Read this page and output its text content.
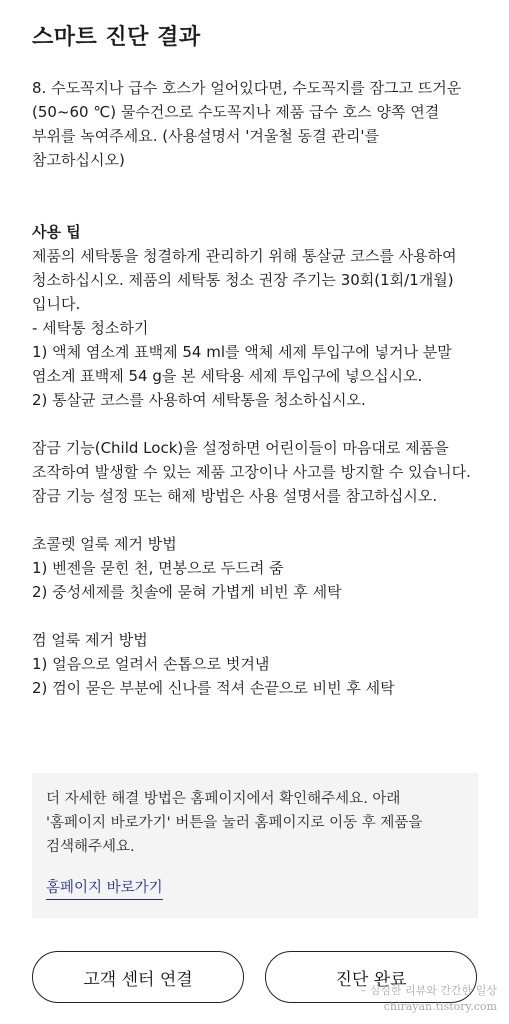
스마트 진단 결과

8. 수도꼭지나 급수 호스가 얼어있다면, 수도꼭지를 잠그고 뜨거운
(50~60 ℃) 물수건으로 수도꼭지나 제품 급수 호스 양쪽 연결
부위를 녹여주세요. (사용설명서 '겨울철 동결 관리'를
참고하십시오)

사용 팁

제품의 세탁통을 청결하게 관리하기 위해 통살균 코스를 사용하여
청소하십시오. 제품의 세탁통 청소 권장 주기는 30회(1회/1개월)
입니다.
- 세탁통 청소하기
1) 액체 염소계 표백제 54 ml를 액체 세제 투입구에 넣거나 분말
염소계 표백제 54 g을 본 세탁용 세제 투입구에 넣으십시오.
2) 통살균 코스를 사용하여 세탁통을 청소하십시오.

잠금 기능(Child Lock)을 설정하면 어린이들이 마음대로 제품을
조작하여 발생할 수 있는 제품 고장이나 사고를 방지할 수 있습니다.
잠금 기능 설정 또는 해제 방법은 사용 설명서를 참고하십시오.

초콜렛 얼룩 제거 방법
1) 벤젠을 묻힌 천, 면봉으로 두드려 줌
2) 중성세제를 칫솔에 묻혀 가볍게 비빈 후 세탁

껌 얼룩 제거 방법
1) 얼음으로 얼려서 손톱으로 벗겨냄
2) 껌이 묻은 부분에 신나를 적셔 손끝으로 비빈 후 세탁

더 자세한 해결 방법은 홈페이지에서 확인해주세요. 아래
'홈페이지 바로가기' 버튼을 눌러 홈페이지로 이동 후 제품을
검색해주세요.

홈페이지 바로가기
고객 센터 연결	진단 완료
– 심심한 리뷰와 간간한 일상
chirayan.tistory.com
